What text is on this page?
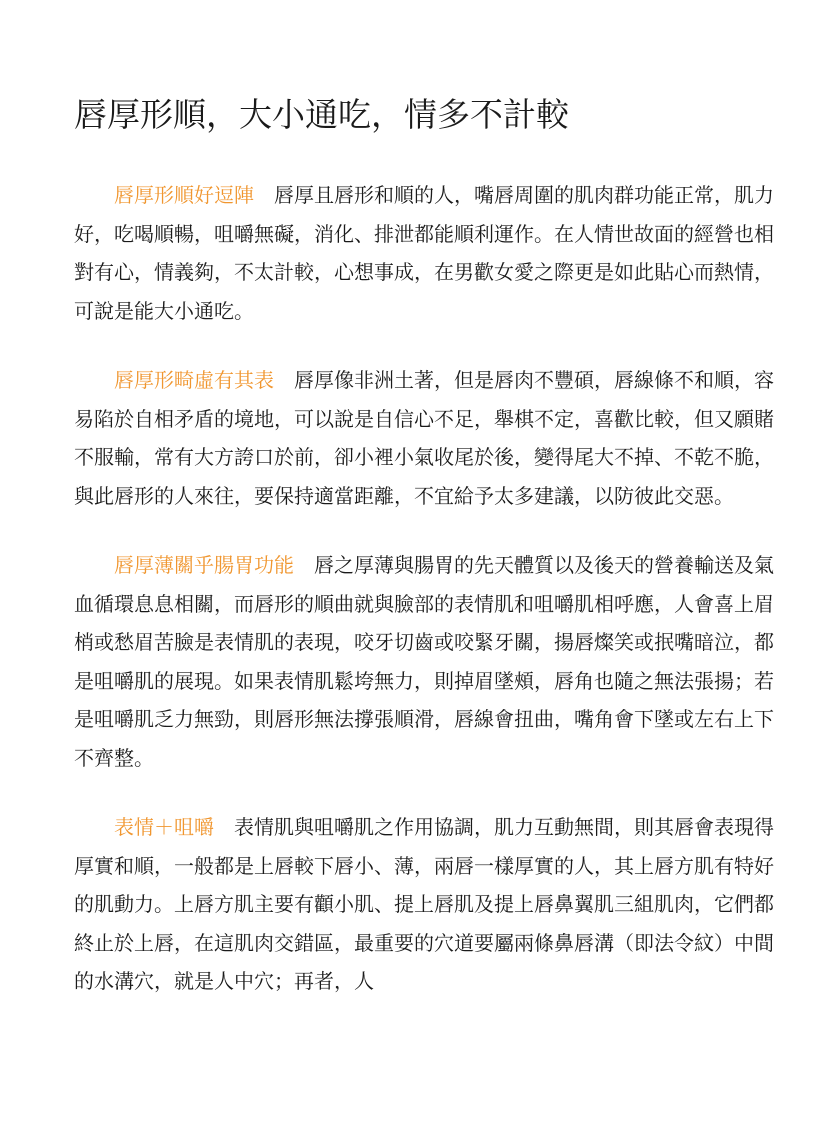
唇厚形順，大小通吃，情多不計較

唇厚形順好逗陣 唇厚且唇形和順的人，嘴唇周圍的肌肉群功能正常，肌力好，吃喝順暢，咀嚼無礙，消化、排泄都能順利運作。在人情世故面的經營也相對有心，情義夠，不太計較，心想事成，在男歡女愛之際更是如此貼心而熱情，可說是能大小通吃。

唇厚形畸虛有其表 唇厚像非洲土著，但是唇肉不豐碩，唇線條不和順，容易陷於自相矛盾的境地，可以說是自信心不足，舉棋不定，喜歡比較，但又願賭不服輸，常有大方誇口於前，卻小裡小氣收尾於後，變得尾大不掉、不乾不脆，與此唇形的人來往，要保持適當距離，不宜給予太多建議，以防彼此交惡。

唇厚薄關乎腸胃功能 唇之厚薄與腸胃的先天體質以及後天的營養輸送及氣血循環息息相關，而唇形的順曲就與臉部的表情肌和咀嚼肌相呼應，人會喜上眉梢或愁眉苦臉是表情肌的表現，咬牙切齒或咬緊牙關，揚唇燦笑或抿嘴暗泣，都是咀嚼肌的展現。如果表情肌鬆垮無力，則掉眉墜頰，唇角也隨之無法張揚；若是咀嚼肌乏力無勁，則唇形無法撐張順滑，唇線會扭曲，嘴角會下墜或左右上下不齊整。

表情＋咀嚼 表情肌與咀嚼肌之作用協調，肌力互動無間，則其唇會表現得厚實和順，一般都是上唇較下唇小、薄，兩唇一樣厚實的人，其上唇方肌有特好的肌動力。上唇方肌主要有顴小肌、提上唇肌及提上唇鼻翼肌三組肌肉，它們都終止於上唇，在這肌肉交錯區，最重要的穴道要屬兩條鼻唇溝（即法令紋）中間的水溝穴，就是人中穴；再者，人
